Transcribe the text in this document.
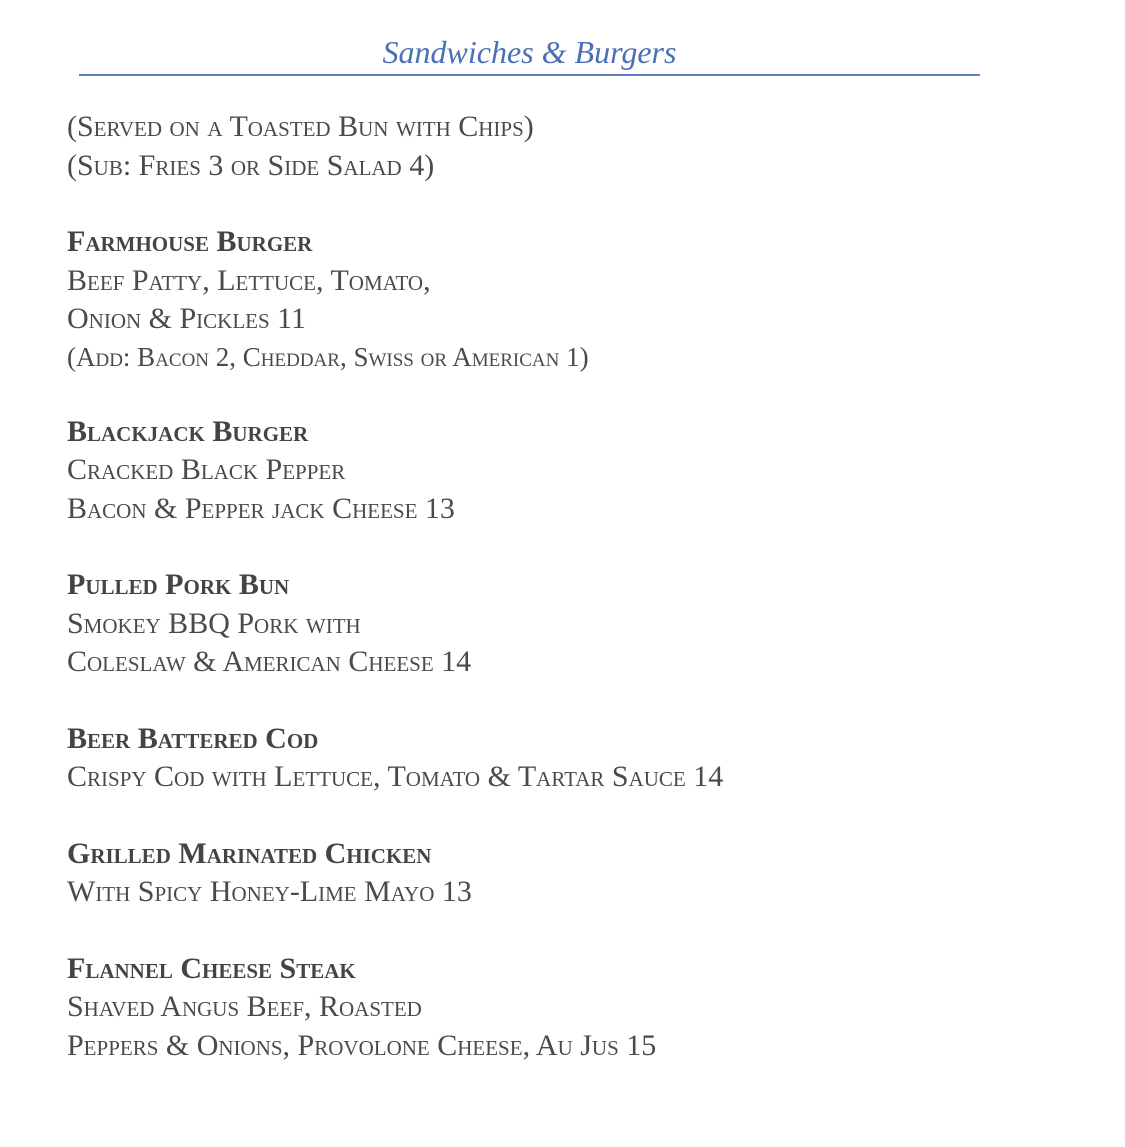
Sandwiches & Burgers
(Served on a Toasted Bun with Chips)
(Sub: Fries 3 or Side Salad 4)
Farmhouse Burger
Beef Patty, Lettuce, Tomato,
Onion & Pickles 11
(Add: Bacon 2, Cheddar, Swiss or American 1)
Blackjack Burger
Cracked Black Pepper
Bacon & Pepper jack Cheese 13
Pulled Pork Bun
Smokey BBQ Pork with
Coleslaw & American Cheese 14
Beer Battered Cod
Crispy Cod with Lettuce, Tomato & Tartar Sauce 14
Grilled Marinated Chicken
With Spicy Honey-Lime Mayo 13
Flannel Cheese Steak
Shaved Angus Beef, Roasted
Peppers & Onions, Provolone Cheese, Au Jus 15
